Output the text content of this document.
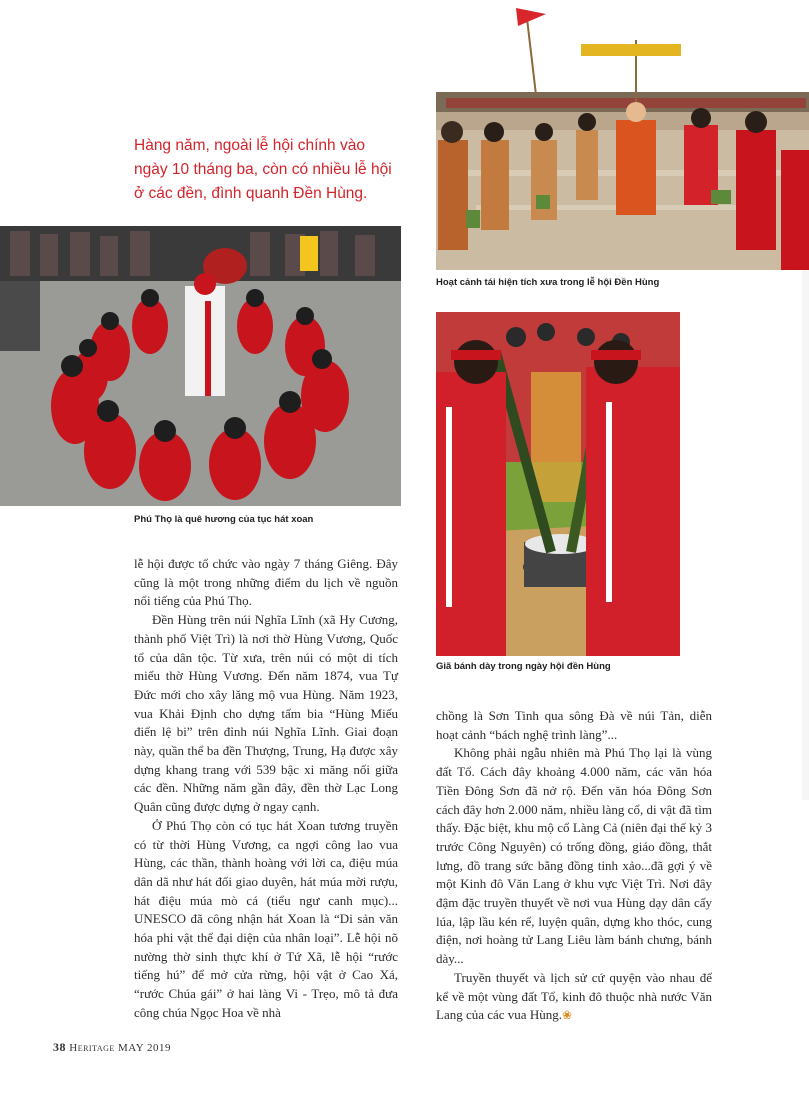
Hàng năm, ngoài lễ hội chính vào ngày 10 tháng ba, còn có nhiều lễ hội ở các đền, đình quanh Đền Hùng.
Hoạt cảnh tái hiện tích xưa trong lễ hội Đền Hùng
Phú Thọ là quê hương của tục hát xoan
Giã bánh dày trong ngày hội đền Hùng

lễ hội được tổ chức vào ngày 7 tháng Giêng. Đây cũng là một trong những điểm du lịch về nguồn nổi tiếng của Phú Thọ.

Đền Hùng trên núi Nghĩa Lĩnh (xã Hy Cương, thành phố Việt Trì) là nơi thờ Hùng Vương, Quốc tổ của dân tộc. Từ xưa, trên núi có một di tích miếu thờ Hùng Vương. Đến năm 1874, vua Tự Đức mới cho xây lăng mộ vua Hùng. Năm 1923, vua Khải Định cho dựng tấm bia “Hùng Miếu điển lệ bi” trên đỉnh núi Nghĩa Lĩnh. Giai đoạn này, quần thể ba đền Thượng, Trung, Hạ được xây dựng khang trang với 539 bậc xi măng nối giữa các đền. Những năm gần đây, đền thờ Lạc Long Quân cũng được dựng ở ngay cạnh.

Ở Phú Thọ còn có tục hát Xoan tương truyền có từ thời Hùng Vương, ca ngợi công lao vua Hùng, các thần, thành hoàng với lời ca, điệu múa dân dã như hát đối giao duyên, hát múa mời rượu, hát điệu múa mò cá (tiểu ngư canh mục)... UNESCO đã công nhận hát Xoan là “Di sản văn hóa phi vật thể đại diện của nhân loại”. Lễ hội nõ nường thờ sinh thực khí ở Tứ Xã, lễ hội “rước tiếng hú” để mở cửa rừng, hội vật ở Cao Xá, “rước Chúa gái” ở hai làng Vi - Trẹo, mô tả đưa công chúa Ngọc Hoa về nhà

chồng là Sơn Tinh qua sông Đà về núi Tản, diễn hoạt cảnh “bách nghệ trình làng”...

Không phải ngẫu nhiên mà Phú Thọ lại là vùng đất Tổ. Cách đây khoảng 4.000 năm, các văn hóa Tiền Đông Sơn đã nở rộ. Đến văn hóa Đông Sơn cách đây hơn 2.000 năm, nhiều làng cổ, di vật đã tìm thấy. Đặc biệt, khu mộ cổ Làng Cả (niên đại thế kỷ 3 trước Công Nguyên) có trống đồng, giáo đồng, thắt lưng, đồ trang sức bằng đồng tinh xảo...đã gợi ý về một Kinh đô Văn Lang ở khu vực Việt Trì. Nơi đây đậm đặc truyền thuyết về nơi vua Hùng dạy dân cấy lúa, lập lầu kén rể, luyện quân, dựng kho thóc, cung điện, nơi hoàng tử Lang Liêu làm bánh chưng, bánh dày...

Truyền thuyết và lịch sử cứ quyện vào nhau để kể về một vùng đất Tổ, kinh đô thuộc nhà nước Văn Lang của các vua Hùng.❀

38 Heritage MAY 2019
